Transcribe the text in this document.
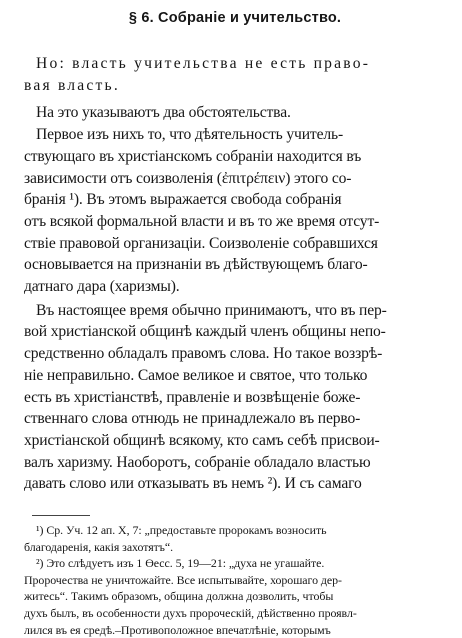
§ 6. Собраніе и учительство.
Но: власть учительства не есть право-
вая власть.
На это указываютъ два обстоятельства.
Первое изъ нихъ то, что дѣятельность учитель-
ствующаго въ христіанскомъ собраніи находится въ
зависимости отъ соизволенія (ἐπιτρέπειν) этого со-
бранія ¹). Въ этомъ выражается свобода собранія
отъ всякой формальной власти и въ то же время отсут-
ствіе правовой организаціи. Соизволеніе собравшихся
основывается на признаніи въ дѣйствующемъ благо-
датнаго дара (харизмы).
Въ настоящее время обычно принимаютъ, что въ пер-
вой христіанской общинѣ каждый членъ общины непо-
средственно обладалъ правомъ слова. Но такое воззрѣ-
ніе неправильно. Самое великое и святое, что только
есть въ христіанствѣ, правленіе и возвѣщеніе боже-
ственнаго слова отнюдь не принадлежало въ перво-
христіанской общинѣ всякому, кто самъ себѣ присвои-
валъ харизму. Наоборотъ, собраніе обладало властью
давать слово или отказывать въ немъ ²). И съ самаго
¹) Ср. Уч. 12 ап. X, 7: „предоставьте пророкамъ возносить
благодаренія, какія захотятъ“.
²) Это слѣдуетъ изъ 1 Өесс. 5, 19—21: „духа не угашайте.
Пророчества не уничтожайте. Все испытывайте, хорошаго дер-
житесь“. Такимъ образомъ, община должна дозволить, чтобы
духъ былъ, въ особенности духъ пророческій, дѣйственно проявл-
лился въ ея средѣ.–Противоположное впечатлѣніе, которымъ
